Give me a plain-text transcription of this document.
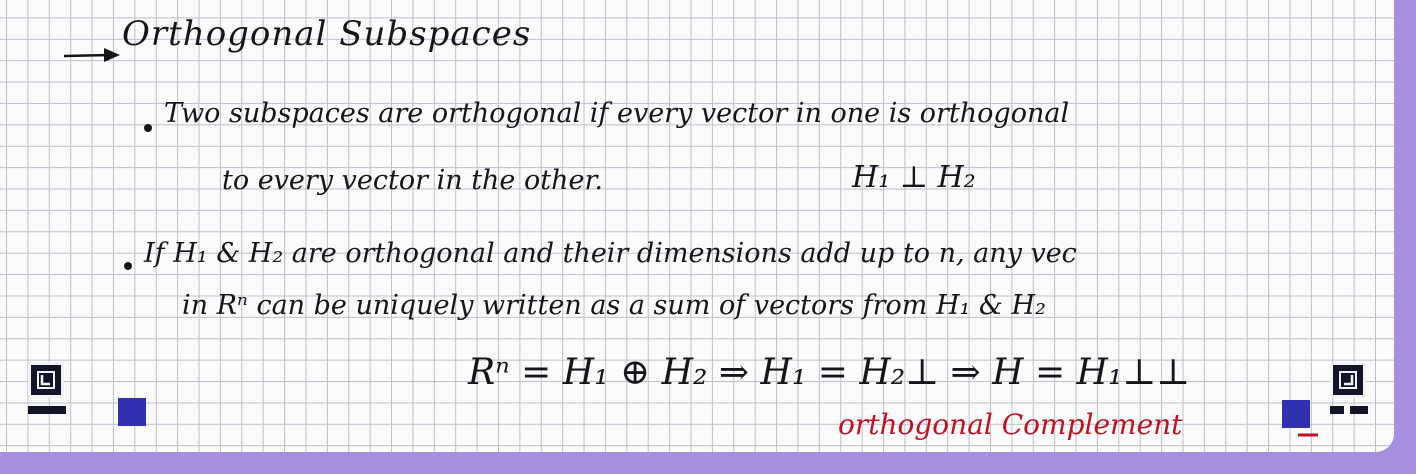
Orthogonal Subspaces
Two subspaces are orthogonal if every vector in one is orthogonal
to every vector in the other.	H₁ ⊥ H₂
If H₁ & H₂ are orthogonal and their dimensions add up to n, any vec
in Rⁿ can be uniquely written as a sum of vectors from H₁ & H₂
Rⁿ = H₁ ⊕ H₂ ⇒ H₁ = H₂⊥ ⇒ H = H₁⊥⊥
orthogonal Complement
